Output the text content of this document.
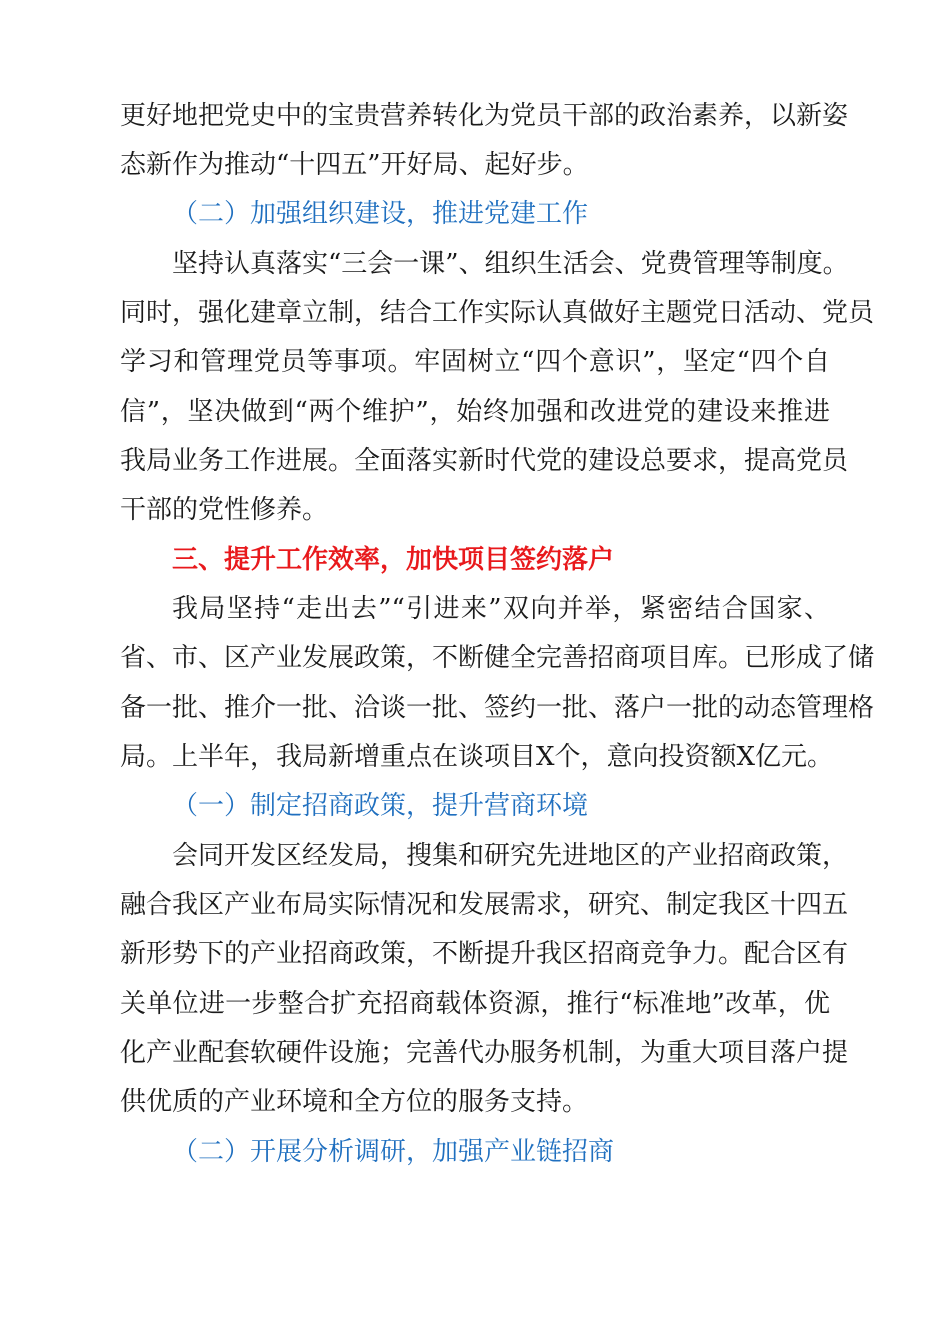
更好地把党史中的宝贵营养转化为党员干部的政治素养，以新姿
态新作为推动“十四五”开好局、起好步。
（二）加强组织建设，推进党建工作
坚持认真落实“三会一课”、组织生活会、党费管理等制度。
同时，强化建章立制，结合工作实际认真做好主题党日活动、党员
学习和管理党员等事项。牢固树立“四个意识”，坚定“四个自
信”，坚决做到“两个维护”，始终加强和改进党的建设来推进
我局业务工作进展。全面落实新时代党的建设总要求，提高党员
干部的党性修养。
三、提升工作效率，加快项目签约落户
我局坚持“走出去”“引进来”双向并举，紧密结合国家、
省、市、区产业发展政策，不断健全完善招商项目库。已形成了储
备一批、推介一批、洽谈一批、签约一批、落户一批的动态管理格
局。上半年，我局新增重点在谈项目X个，意向投资额X亿元。
（一）制定招商政策，提升营商环境
会同开发区经发局，搜集和研究先进地区的产业招商政策，
融合我区产业布局实际情况和发展需求，研究、制定我区十四五
新形势下的产业招商政策，不断提升我区招商竞争力。配合区有
关单位进一步整合扩充招商载体资源，推行“标准地”改革，优
化产业配套软硬件设施；完善代办服务机制，为重大项目落户提
供优质的产业环境和全方位的服务支持。
（二）开展分析调研，加强产业链招商
